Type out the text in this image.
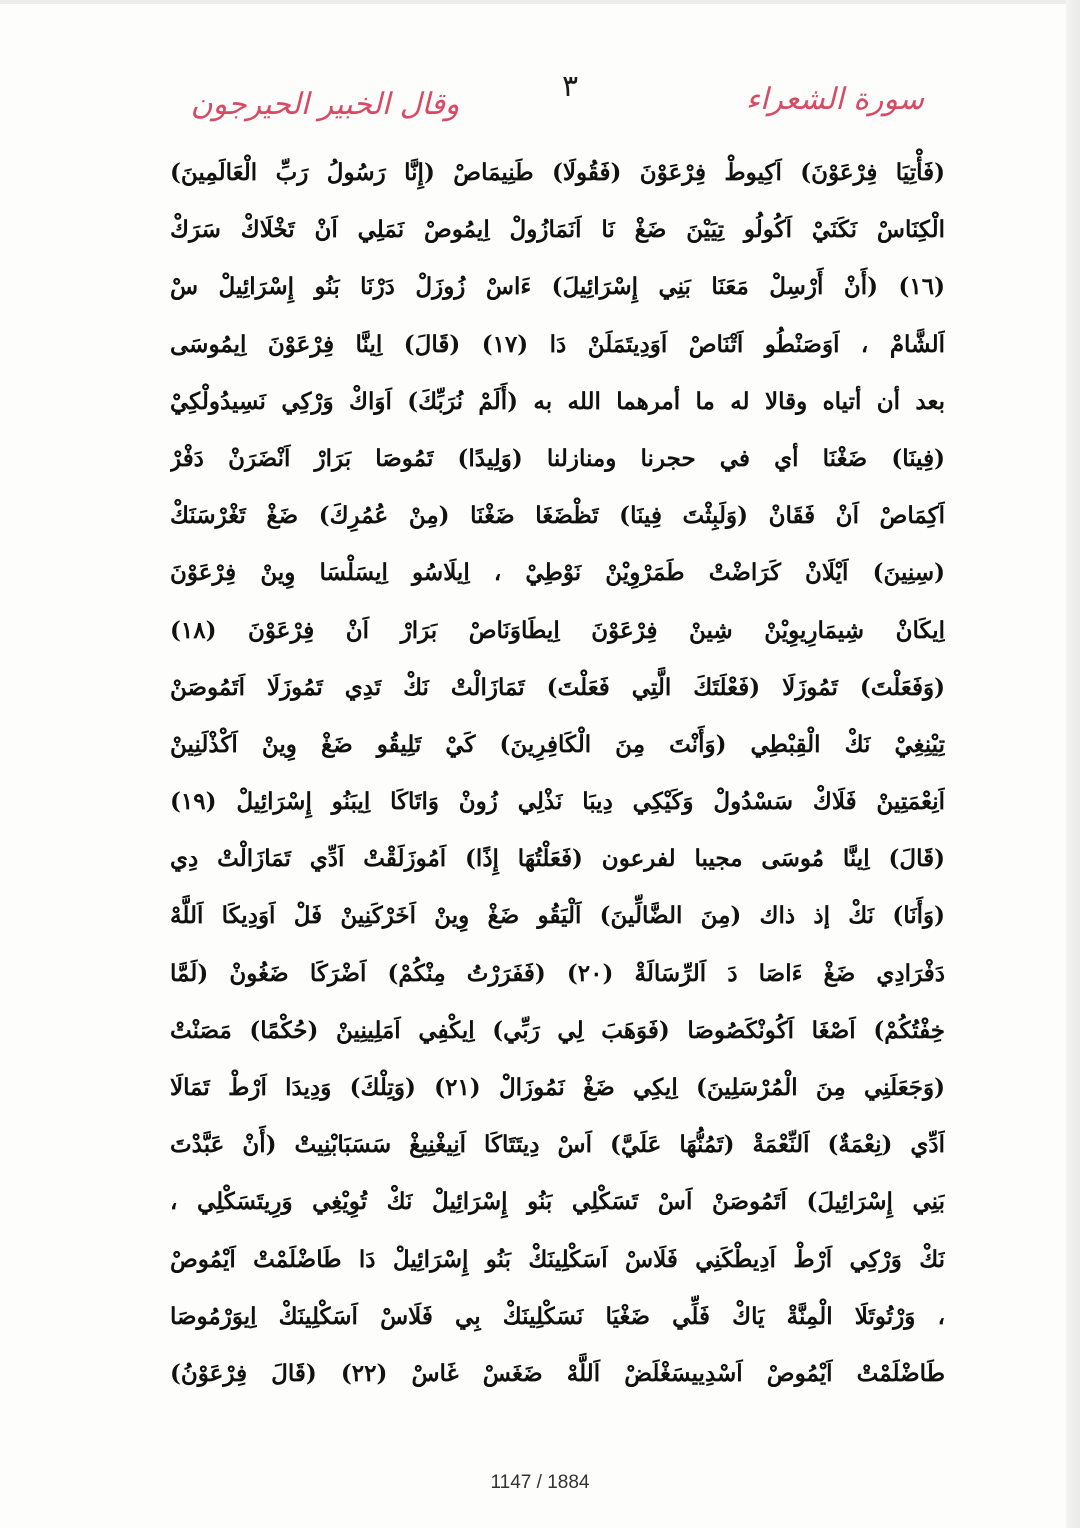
سورة الشعراء
٣
وقال الخبير الحيرجون
(فَأْتِيَا فِرْعَوْنَ) اَكِيوطْ فِرْعَوْنَ (فَقُولَا) طَنِيمَاصْ (إِنَّا رَسُولُ رَبِّ الْعَالَمِينَ)
الْكِنَاسْ نَكَنَيْ اَكُولُو تِيَيْنَ ضَغْ نَا اَنَمَازُولْ اِيمُوصْ نَمَلِي اَنْ تَخْلَاكْ سَرَكْ
(١٦) (أَنْ أَرْسِلْ مَعَنَا بَنِي إِسْرَائِيلَ) ءَاسْ زُوزَلْ دَرْنَا بَنُو إِسْرَائِيلْ سْ
اَلشَّامْ ، اَوَصَنْطُو اَتْنَاصْ اَوَدِيتَمَلَنْ دَا (١٧) (قَالَ) اِينَّا فِرْعَوْنَ اِيمُوسَى
بعد أن أتياه وقالا له ما أمرهما الله به (أَلَمْ نُرَبِّكَ) اَوَاكْ وَرْكِي نَسِيدُولْكِيْ
(فِينَا) ضَغْنَا أي في حجرنا ومنازلنا (وَلِيدًا) تَمُوصَا بَرَارْ اَنْضَرَنْ دَفْرْ
اَكِمَاصْ اَنْ فَقَانْ (وَلَبِثْتَ فِينَا) تَظْضَغَا ضَغْنَا (مِنْ عُمُرِكَ) ضَغْ تَغْرْسَنَكْ
(سِنِينَ) اَيْلَانْ كَرَاضْتْ طَمَرْوِيْنْ نَوْطِيْ ، اِيلَاسُو اِيسَلْسَا وِينْ فِرْعَوْنَ
اِيكَانْ شِيمَارِيوِيْنْ شِينْ فِرْعَوْنَ اِيطَاوَنَاصْ بَرَارْ اَنْ فِرْعَوْنَ (١٨)
(وَفَعَلْتَ) تَمُوزَلَا (فَعْلَتَكَ الَّتِي فَعَلْتَ) تَمَازَالْتْ نَكْ تَدِي تَمُوزَلَا اَتَمُوصَنْ
تِيْنِغِيْ نَكْ الْقِبْطِي (وَأَنْتَ مِنَ الْكَافِرِينَ) كَيْ تَلِيقُو ضَغْ وِينْ اَكْذْلَنِينْ
اَنِعْمَتِينْ فَلَاكْ سَسْدُولْ وَكَيْكِي دِيبَا نَذْلِي زُونْ وَاتَاكَا اِيبَنُو إِسْرَائِيلْ (١٩)
(قَالَ) اِينَّا مُوسَى مجيبا لفرعون (فَعَلْتُهَا إِذًا) اَمُوزَلَقْتْ اَدِّي تَمَازَالْتْ دِي
(وَأَنَا) نَكْ إذ ذاك (مِنَ الضَّالِّينَ) اَلْيَقُو ضَغْ وِينْ اَخَرْكَنِينْ فَلْ اَوَدِيكَا اَللَّهْ
دَفْرَادِي ضَغْ ءَاصَا دَ اَلرِّسَالَةْ (٢٠) (فَفَرَرْتُ مِنْكُمْ) اَضْرَكَا ضَغُونْ (لَمَّا
خِفْتُكُمْ) اَصْغَا اَكُونْكَصُوصَا (فَوَهَبَ لِي رَبِّي) اِيكْفِي اَمَلِينِينْ (حُكْمًا) مَصَنْتْ
(وَجَعَلَنِي مِنَ الْمُرْسَلِينَ) اِيكِي ضَغْ نَمُوزَالْ (٢١) (وَتِلْكَ) وَدِيدَا اَرْطْ تَمَالَا
اَدِّي (نِعْمَةٌ) اَلنِّعْمَةْ (تَمُنُّهَا عَلَيَّ) اَسْ دِيتَتَاكَا اَنِيغْنِيغْ سَسَبَابْنِيتْ (أَنْ عَبَّدْتَ
بَنِي إِسْرَائِيلَ) اَتَمُوصَنْ اَسْ تَسَكْلِي بَنُو إِسْرَائِيلْ نَكْ تُوِيْغِي وَرِيتَسَكْلِي ،
نَكْ وَرْكِي اَرْطْ اَدِيطْكَنِي فَلَاسْ اَسَكْلِينَكْ بَنُو إِسْرَائِيلْ دَا طَاضْلَمْتْ اَيْمُوصْ
، وَرْتُوتَلَا الْمِنَّةْ يَاكْ فَلِّي ضَغْيَا نَسَكْلِينَكْ بِي فَلَاسْ اَسَكْلِينَكْ اِيوَرْمُوصَا
طَاضْلَمْتْ اَيْمُوصْ اَسْدِييسَغْلَضْ اَللَّهْ ضَغَسْ غَاسْ (٢٢) (قَالَ فِرْعَوْنُ)
1147 / 1884
